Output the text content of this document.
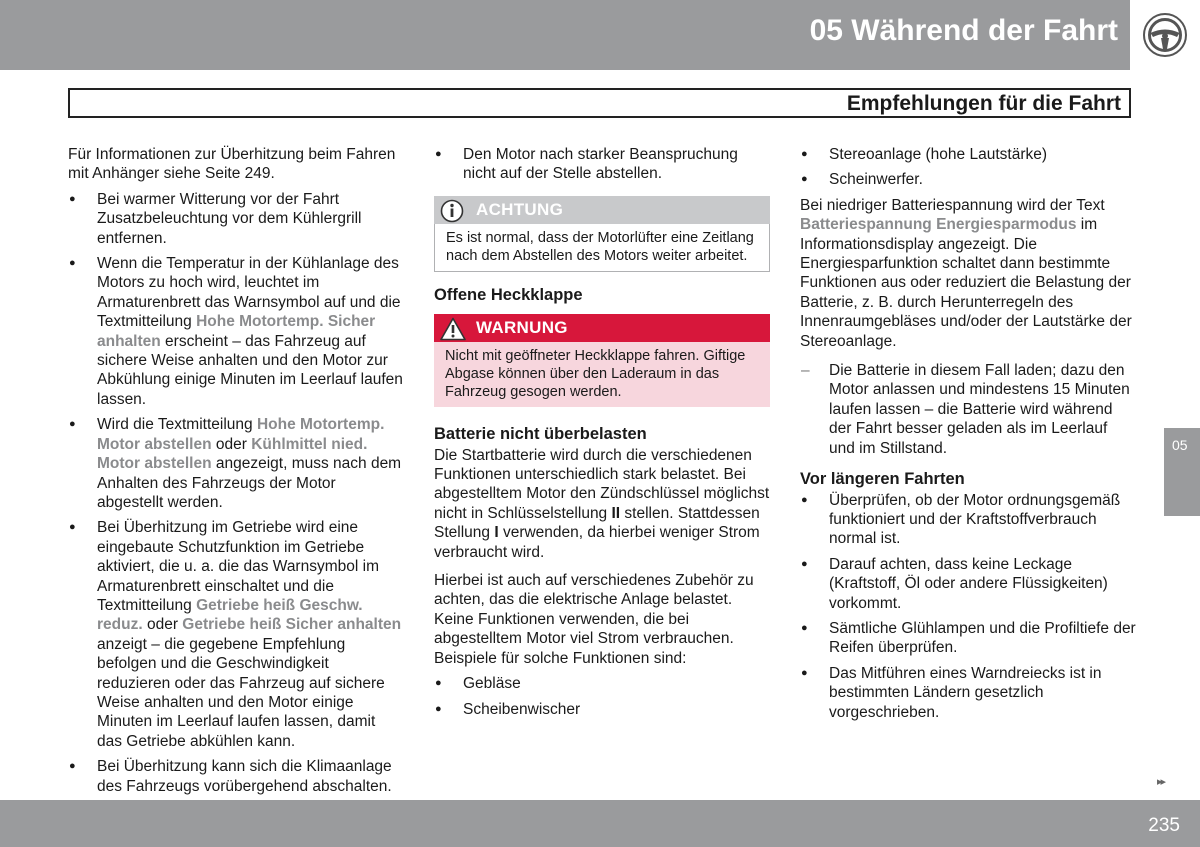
05 Während der Fahrt
Empfehlungen für die Fahrt

Für Informationen zur Überhitzung beim Fahren mit Anhänger siehe Seite 249.

● Bei warmer Witterung vor der Fahrt Zusatzbeleuchtung vor dem Kühlergrill entfernen.
● Wenn die Temperatur in der Kühlanlage des Motors zu hoch wird, leuchtet im Armaturenbrett das Warnsymbol auf und die Textmitteilung Hohe Motortemp. Sicher anhalten erscheint – das Fahrzeug auf sichere Weise anhalten und den Motor zur Abkühlung einige Minuten im Leerlauf laufen lassen.
● Wird die Textmitteilung Hohe Motortemp. Motor abstellen oder Kühlmittel nied. Motor abstellen angezeigt, muss nach dem Anhalten des Fahrzeugs der Motor abgestellt werden.
● Bei Überhitzung im Getriebe wird eine eingebaute Schutzfunktion im Getriebe aktiviert, die u. a. die das Warnsymbol im Armaturenbrett einschaltet und die Textmitteilung Getriebe heiß Geschw. reduz. oder Getriebe heiß Sicher anhalten anzeigt – die gegebene Empfehlung befolgen und die Geschwindigkeit reduzieren oder das Fahrzeug auf sichere Weise anhalten und den Motor einige Minuten im Leerlauf laufen lassen, damit das Getriebe abkühlen kann.
● Bei Überhitzung kann sich die Klimaanlage des Fahrzeugs vorübergehend abschalten.
● Den Motor nach starker Beanspruchung nicht auf der Stelle abstellen.
ACHTUNG
Es ist normal, dass der Motorlüfter eine Zeitlang nach dem Abstellen des Motors weiter arbeitet.
Offene Heckklappe
WARNUNG
Nicht mit geöffneter Heckklappe fahren. Giftige Abgase können über den Laderaum in das Fahrzeug gesogen werden.
Batterie nicht überbelasten

Die Startbatterie wird durch die verschiedenen Funktionen unterschiedlich stark belastet. Bei abgestelltem Motor den Zündschlüssel möglichst nicht in Schlüsselstellung II stellen. Stattdessen Stellung I verwenden, da hierbei weniger Strom verbraucht wird.

Hierbei ist auch auf verschiedenes Zubehör zu achten, das die elektrische Anlage belastet. Keine Funktionen verwenden, die bei abgestelltem Motor viel Strom verbrauchen. Beispiele für solche Funktionen sind:

● Gebläse
● Scheibenwischer
● Stereoanlage (hohe Lautstärke)
● Scheinwerfer.

Bei niedriger Batteriespannung wird der Text Batteriespannung Energiesparmodus im Informationsdisplay angezeigt. Die Energiesparfunktion schaltet dann bestimmte Funktionen aus oder reduziert die Belastung der Batterie, z. B. durch Herunterregeln des Innenraumgebläses und/oder der Lautstärke der Stereoanlage.

– Die Batterie in diesem Fall laden; dazu den Motor anlassen und mindestens 15 Minuten laufen lassen – die Batterie wird während der Fahrt besser geladen als im Leerlauf und im Stillstand.
Vor längeren Fahrten
● Überprüfen, ob der Motor ordnungsgemäß funktioniert und der Kraftstoffverbrauch normal ist.
● Darauf achten, dass keine Leckage (Kraftstoff, Öl oder andere Flüssigkeiten) vorkommt.
● Sämtliche Glühlampen und die Profiltiefe der Reifen überprüfen.
● Das Mitführen eines Warndreiecks ist in bestimmten Ländern gesetzlich vorgeschrieben.
05
▸▸
235
